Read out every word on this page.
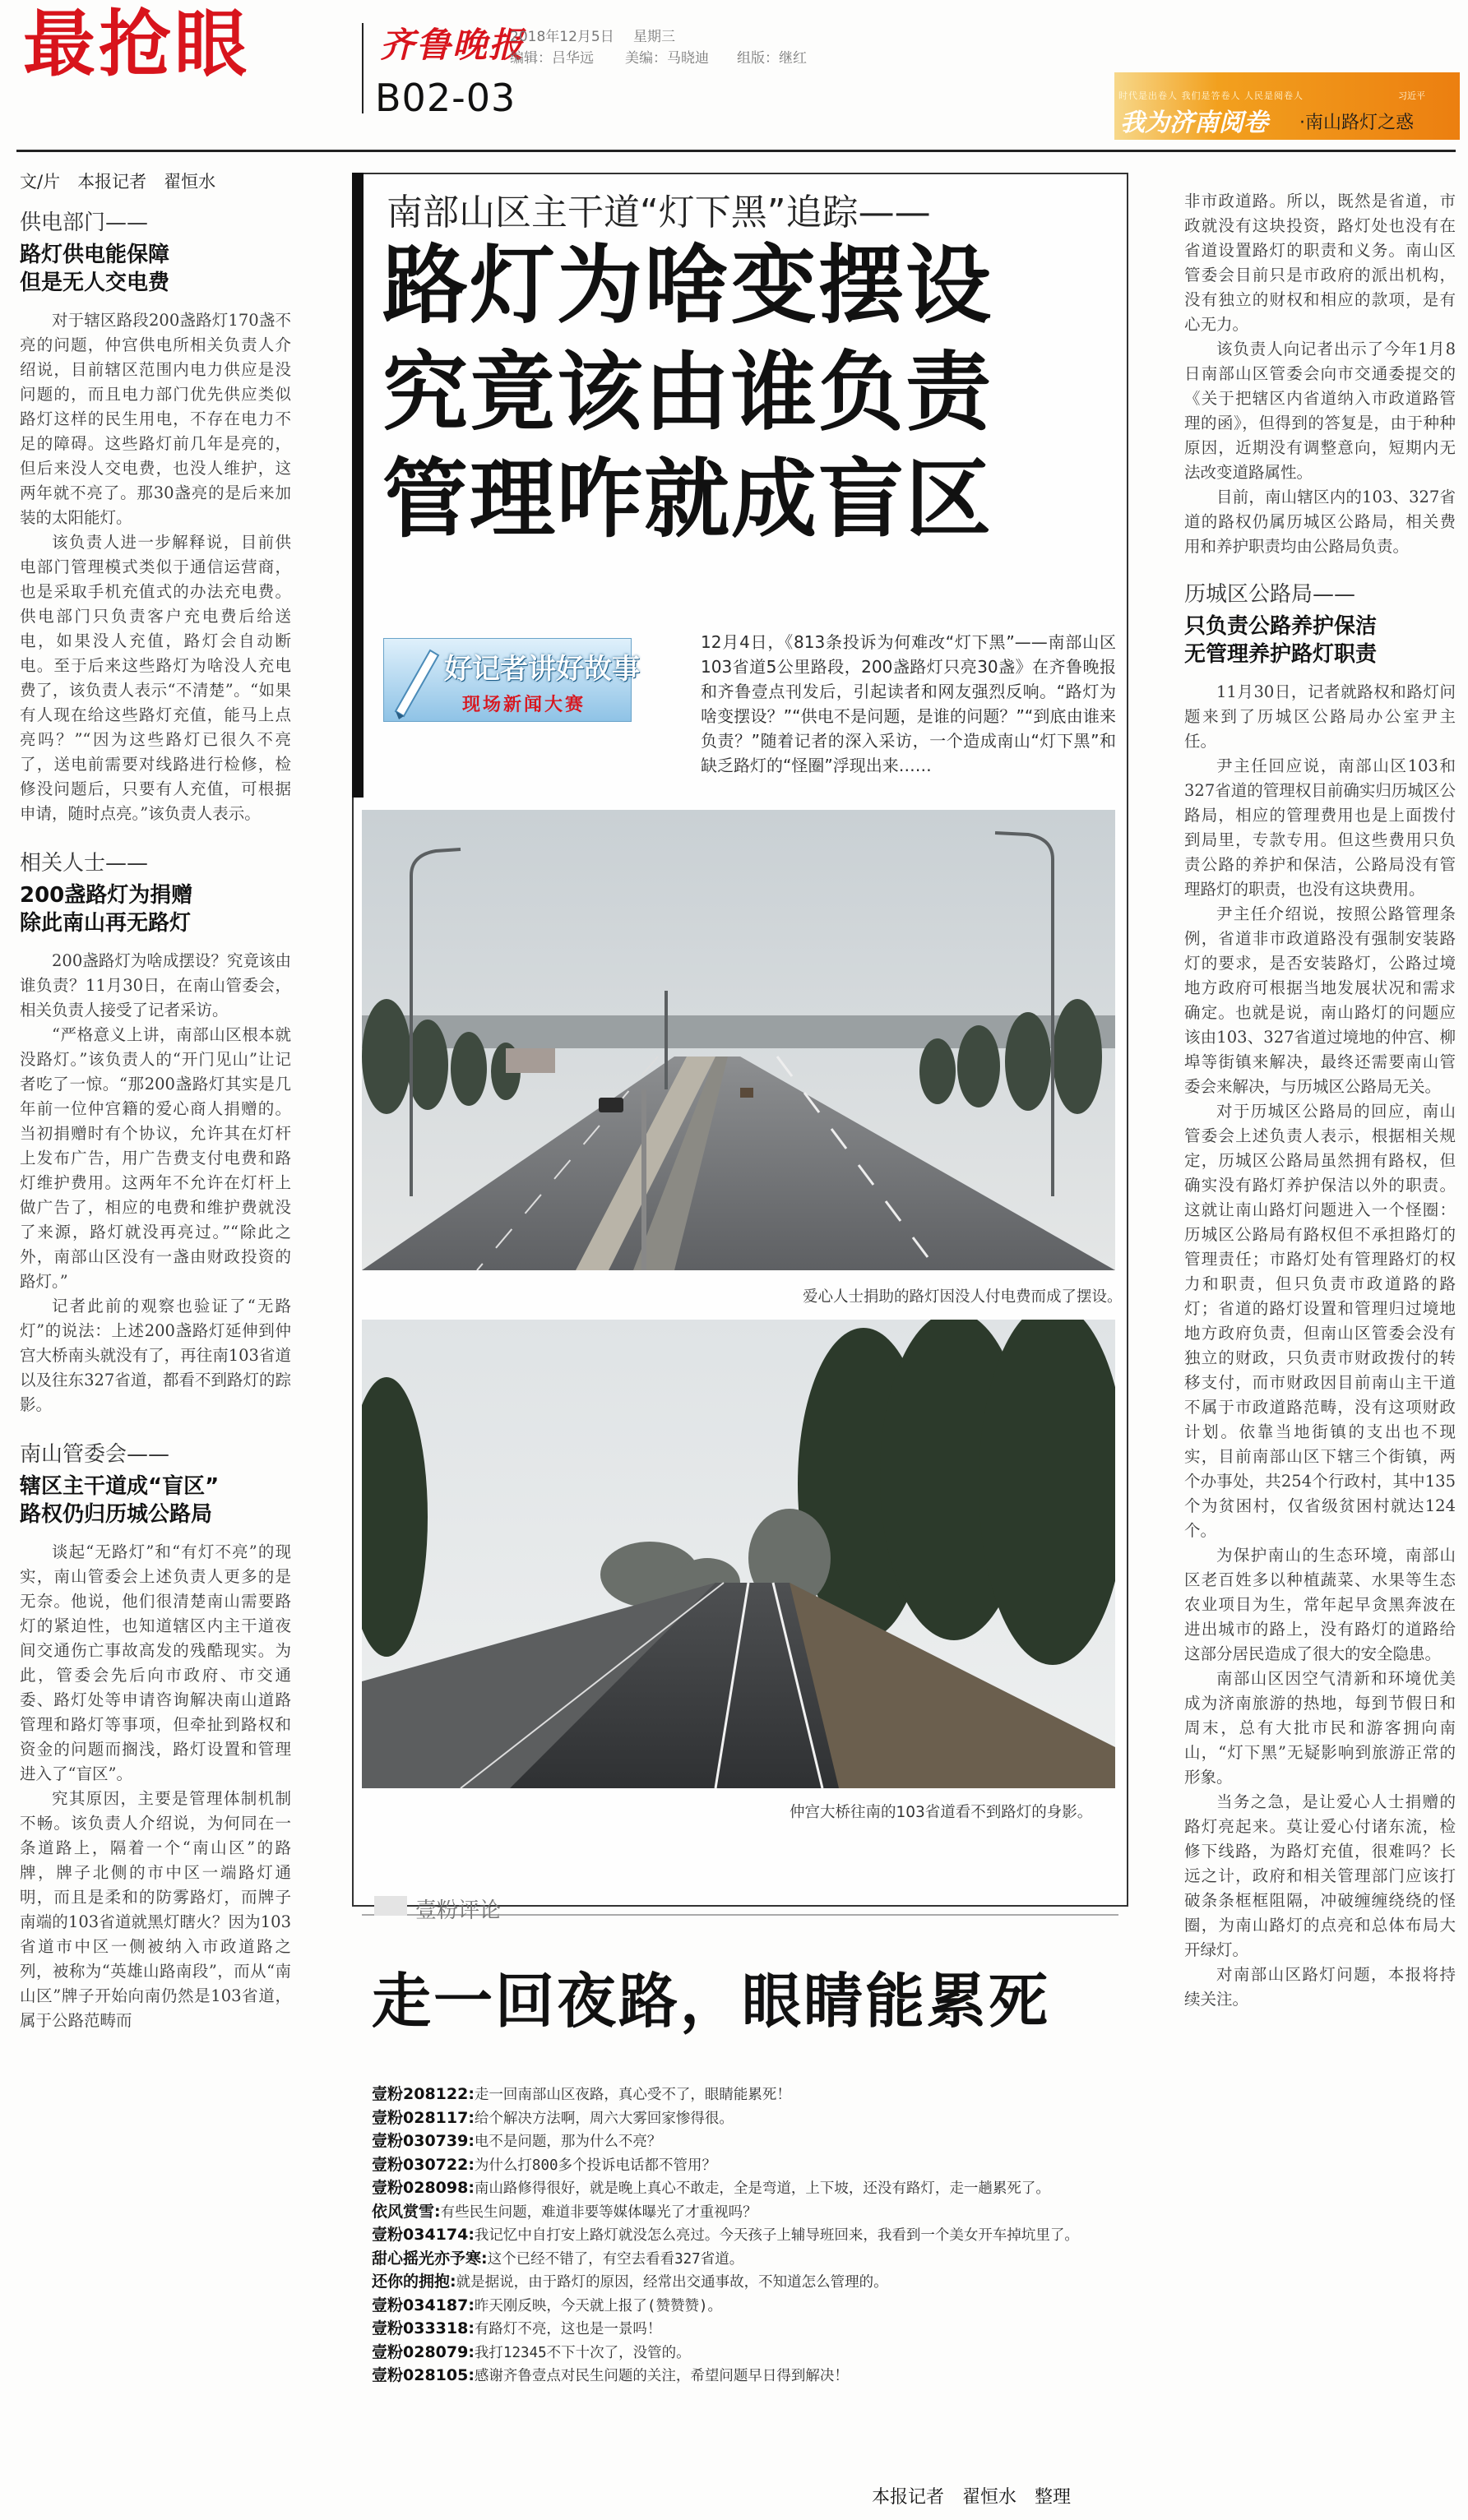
最抢眼	齐鲁晚报
B02-03
2018年12月5日 星期三
编辑：吕华远 美编：马晓迪 组版：继红
时代是出卷人 我们是答卷人 人民是阅卷人	习近平
我为济南阅卷 ·南山路灯之惑
文/片　本报记者　翟恒水
供电部门——
路灯供电能保障
但是无人交电费

对于辖区路段200盏路灯170盏不亮的问题，仲宫供电所相关负责人介绍说，目前辖区范围内电力供应是没问题的，而且电力部门优先供应类似路灯这样的民生用电，不存在电力不足的障碍。这些路灯前几年是亮的，但后来没人交电费，也没人维护，这两年就不亮了。那30盏亮的是后来加装的太阳能灯。

该负责人进一步解释说，目前供电部门管理模式类似于通信运营商，也是采取手机充值式的办法充电费。供电部门只负责客户充电费后给送电，如果没人充值，路灯会自动断电。至于后来这些路灯为啥没人充电费了，该负责人表示“不清楚”。“如果有人现在给这些路灯充值，能马上点亮吗？”“因为这些路灯已很久不亮了，送电前需要对线路进行检修，检修没问题后，只要有人充值，可根据申请，随时点亮。”该负责人表示。

相关人士——
200盏路灯为捐赠
除此南山再无路灯

200盏路灯为啥成摆设？究竟该由谁负责？11月30日，在南山管委会，相关负责人接受了记者采访。

“严格意义上讲，南部山区根本就没路灯。”该负责人的“开门见山”让记者吃了一惊。“那200盏路灯其实是几年前一位仲宫籍的爱心商人捐赠的。当初捐赠时有个协议，允许其在灯杆上发布广告，用广告费支付电费和路灯维护费用。这两年不允许在灯杆上做广告了，相应的电费和维护费就没了来源，路灯就没再亮过。”“除此之外，南部山区没有一盏由财政投资的路灯。”

记者此前的观察也验证了“无路灯”的说法：上述200盏路灯延伸到仲宫大桥南头就没有了，再往南103省道以及往东327省道，都看不到路灯的踪影。

南山管委会——
辖区主干道成“盲区”
路权仍归历城公路局

谈起“无路灯”和“有灯不亮”的现实，南山管委会上述负责人更多的是无奈。他说，他们很清楚南山需要路灯的紧迫性，也知道辖区内主干道夜间交通伤亡事故高发的残酷现实。为此，管委会先后向市政府、市交通委、路灯处等申请咨询解决南山道路管理和路灯等事项，但牵扯到路权和资金的问题而搁浅，路灯设置和管理进入了“盲区”。

究其原因，主要是管理体制机制不畅。该负责人介绍说，为何同在一条道路上，隔着一个“南山区”的路牌，牌子北侧的市中区一端路灯通明，而且是柔和的防雾路灯，而牌子南端的103省道就黑灯瞎火？因为103省道市中区一侧被纳入市政道路之列，被称为“英雄山路南段”，而从“南山区”牌子开始向南仍然是103省道，属于公路范畴而

南部山区主干道“灯下黑”追踪——
路灯为啥变摆设
究竟该由谁负责
管理咋就成盲区
好记者讲好故事
现场新闻大赛
12月4日，《813条投诉为何难改“灯下黑”——南部山区103省道5公里路段，200盏路灯只亮30盏》在齐鲁晚报和齐鲁壹点刊发后，引起读者和网友强烈反响。“路灯为啥变摆设？”“供电不是问题，是谁的问题？”“到底由谁来负责？”随着记者的深入采访，一个造成南山“灯下黑”和缺乏路灯的“怪圈”浮现出来……
爱心人士捐助的路灯因没人付电费而成了摆设。
仲宫大桥往南的103省道看不到路灯的身影。
壹粉评论
走一回夜路，眼睛能累死
壹粉208122:走一回南部山区夜路，真心受不了，眼睛能累死！
壹粉028117:给个解决方法啊，周六大雾回家惨得很。
壹粉030739:电不是问题，那为什么不亮？
壹粉030722:为什么打800多个投诉电话都不管用？
壹粉028098:南山路修得很好，就是晚上真心不敢走，全是弯道，上下坡，还没有路灯，走一趟累死了。
依风赏雪:有些民生问题，难道非要等媒体曝光了才重视吗？
壹粉034174:我记忆中自打安上路灯就没怎么亮过。今天孩子上辅导班回来，我看到一个美女开车掉坑里了。
甜心摇光亦予寒:这个已经不错了，有空去看看327省道。
还你的拥抱:就是据说，由于路灯的原因，经常出交通事故，不知道怎么管理的。
壹粉034187:昨天刚反映，今天就上报了(赞赞赞)。
壹粉033318:有路灯不亮，这也是一景吗！
壹粉028079:我打12345不下十次了，没管的。
壹粉028105:感谢齐鲁壹点对民生问题的关注，希望问题早日得到解决！
本报记者　翟恒水　整理

非市政道路。所以，既然是省道，市政就没有这块投资，路灯处也没有在省道设置路灯的职责和义务。南山区管委会目前只是市政府的派出机构，没有独立的财权和相应的款项，是有心无力。

该负责人向记者出示了今年1月8日南部山区管委会向市交通委提交的《关于把辖区内省道纳入市政道路管理的函》，但得到的答复是，由于种种原因，近期没有调整意向，短期内无法改变道路属性。

目前，南山辖区内的103、327省道的路权仍属历城区公路局，相关费用和养护职责均由公路局负责。

历城区公路局——
只负责公路养护保洁
无管理养护路灯职责

11月30日，记者就路权和路灯问题来到了历城区公路局办公室尹主任。

尹主任回应说，南部山区103和327省道的管理权目前确实归历城区公路局，相应的管理费用也是上面拨付到局里，专款专用。但这些费用只负责公路的养护和保洁，公路局没有管理路灯的职责，也没有这块费用。

尹主任介绍说，按照公路管理条例，省道非市政道路没有强制安装路灯的要求，是否安装路灯，公路过境地方政府可根据当地发展状况和需求确定。也就是说，南山路灯的问题应该由103、327省道过境地的仲宫、柳埠等街镇来解决，最终还需要南山管委会来解决，与历城区公路局无关。

对于历城区公路局的回应，南山管委会上述负责人表示，根据相关规定，历城区公路局虽然拥有路权，但确实没有路灯养护保洁以外的职责。这就让南山路灯问题进入一个怪圈：历城区公路局有路权但不承担路灯的管理责任；市路灯处有管理路灯的权力和职责，但只负责市政道路的路灯；省道的路灯设置和管理归过境地地方政府负责，但南山区管委会没有独立的财政，只负责市财政拨付的转移支付，而市财政因目前南山主干道不属于市政道路范畴，没有这项财政计划。依靠当地街镇的支出也不现实，目前南部山区下辖三个街镇，两个办事处，共254个行政村，其中135个为贫困村，仅省级贫困村就达124个。

为保护南山的生态环境，南部山区老百姓多以种植蔬菜、水果等生态农业项目为生，常年起早贪黑奔波在进出城市的路上，没有路灯的道路给这部分居民造成了很大的安全隐患。

南部山区因空气清新和环境优美成为济南旅游的热地，每到节假日和周末，总有大批市民和游客拥向南山，“灯下黑”无疑影响到旅游正常的形象。

当务之急，是让爱心人士捐赠的路灯亮起来。莫让爱心付诸东流，检修下线路，为路灯充值，很难吗？长远之计，政府和相关管理部门应该打破条条框框阻隔，冲破缠缠绕绕的怪圈，为南山路灯的点亮和总体布局大开绿灯。

对南部山区路灯问题，本报将持续关注。
